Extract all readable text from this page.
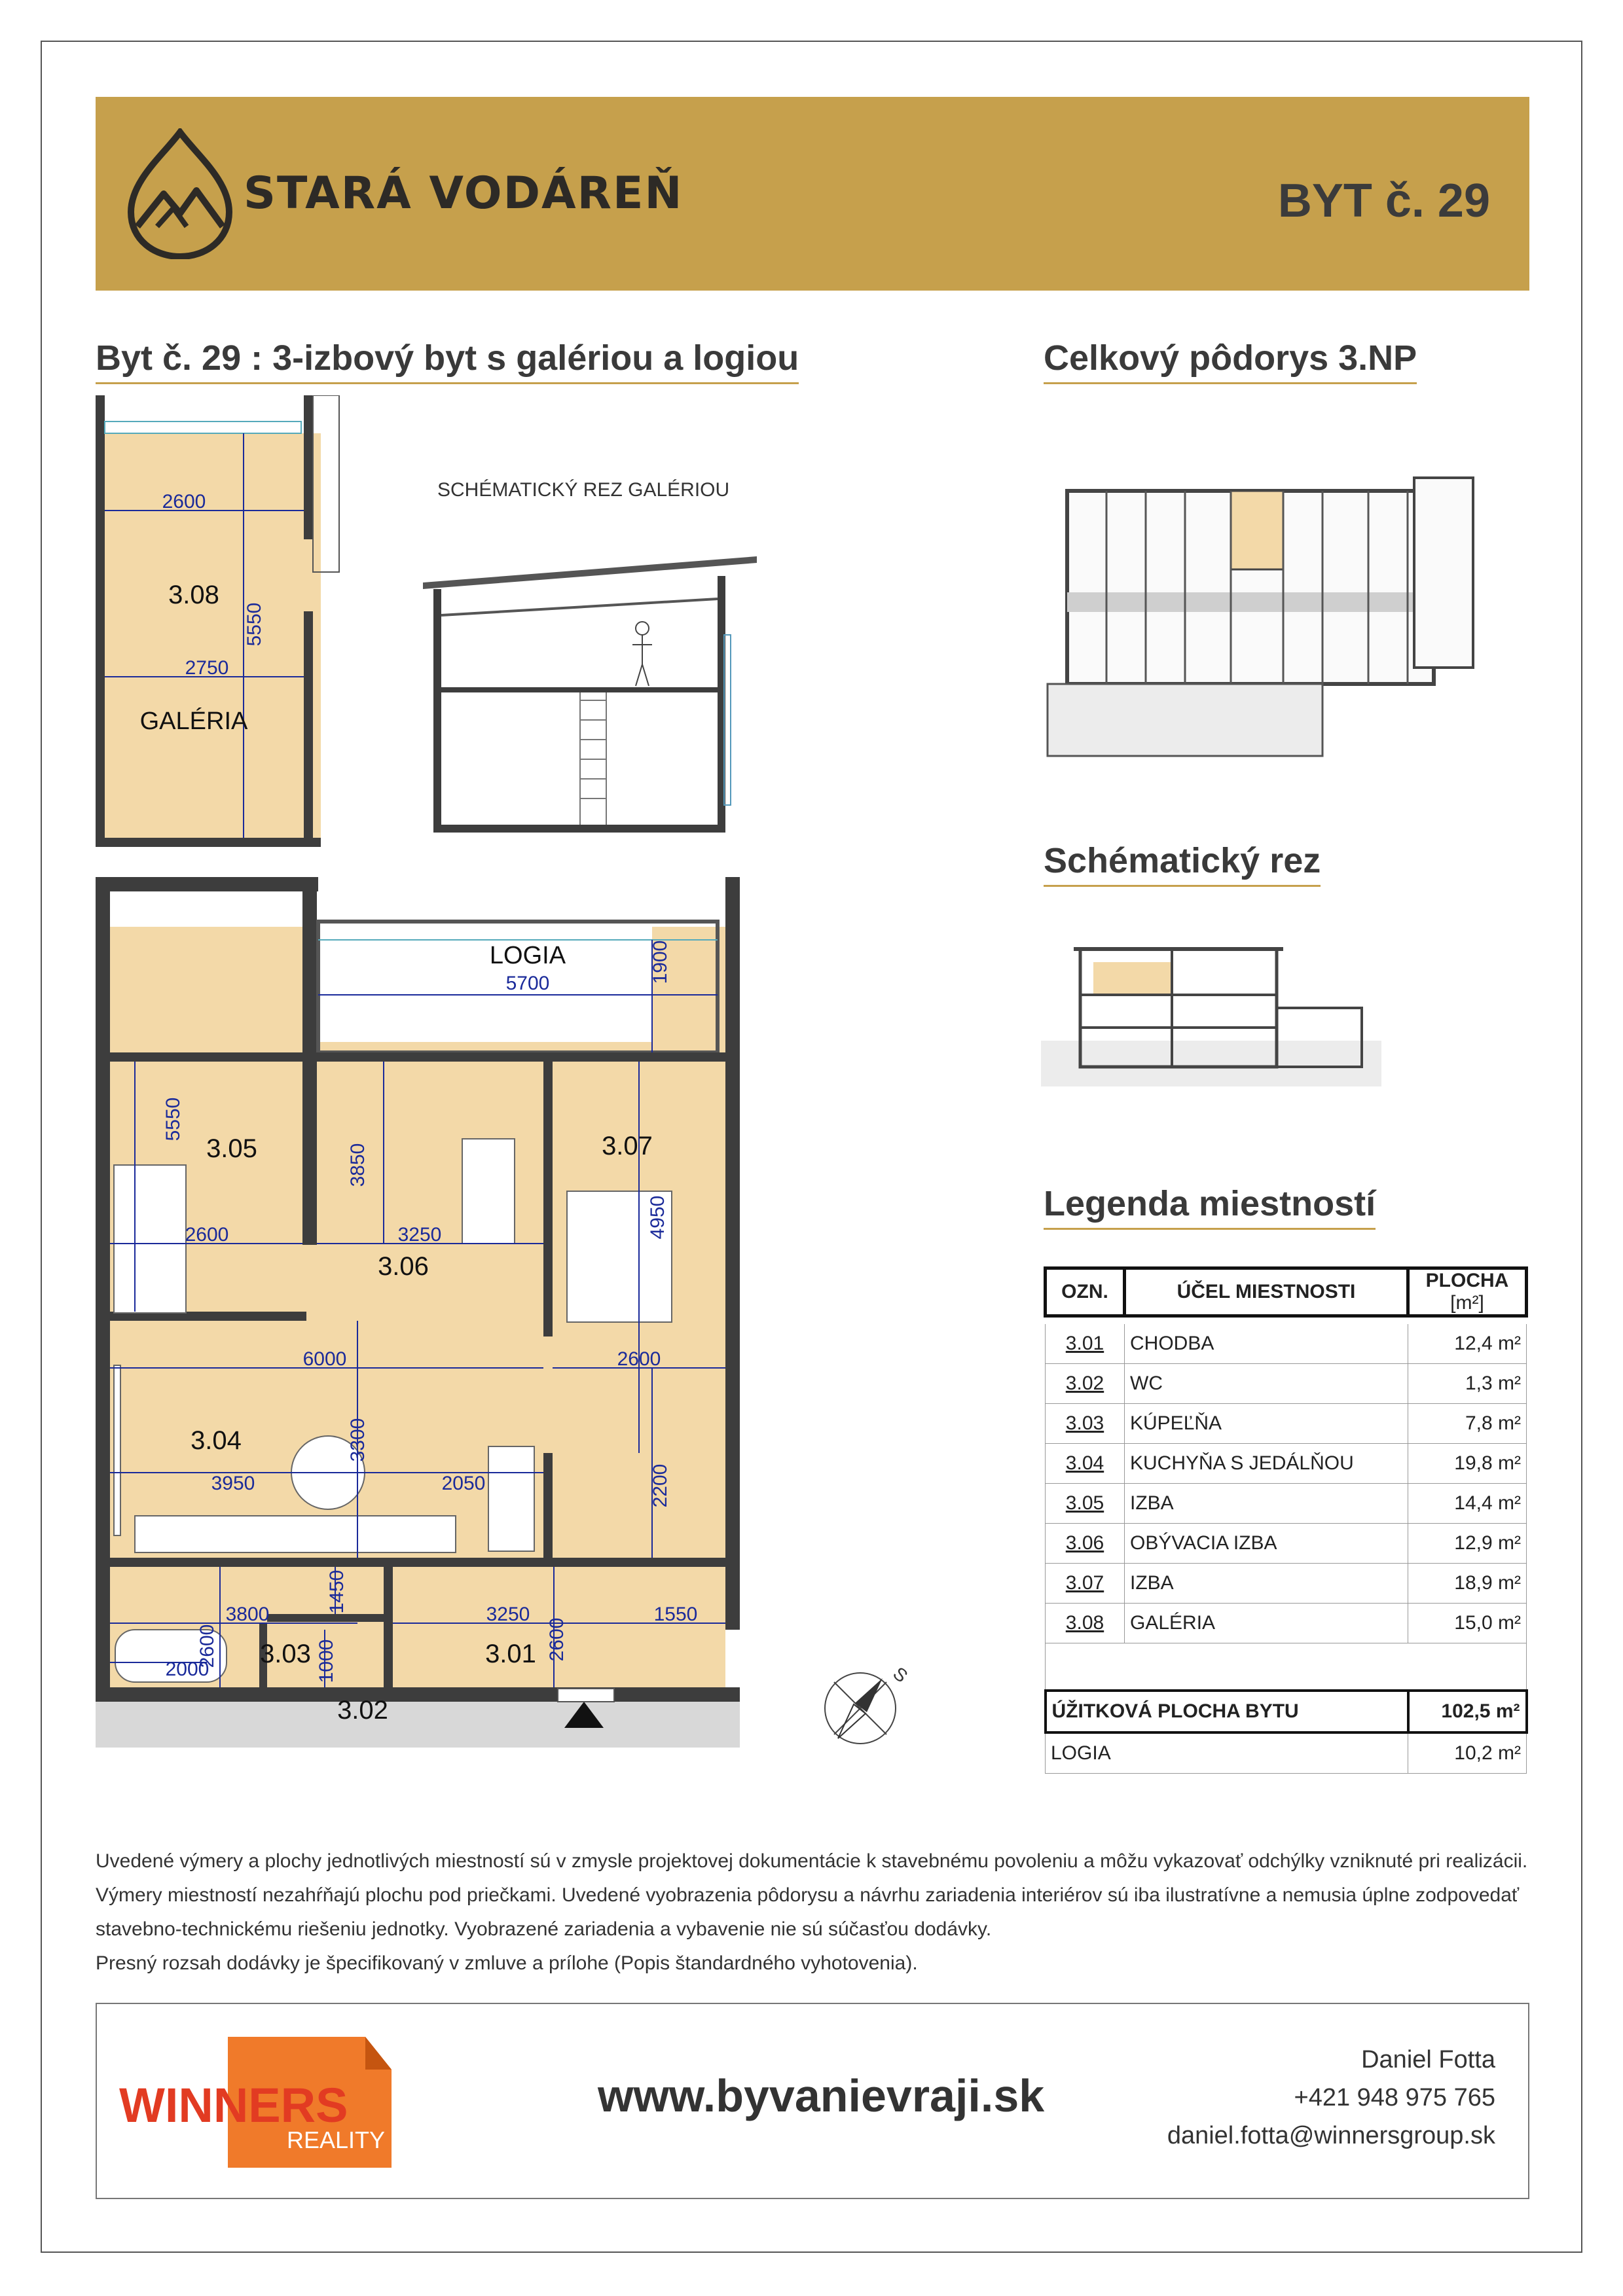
STARÁ VODÁREŇ	BYT č. 29
Byt č. 29 : 3-izbový byt s galériou a logiou	Celkový pôdorys 3.NP
Schématický rez
Legenda miestností
2600
5550
2750
3.08
GALÉRIA
SCHÉMATICKÝ REZ GALÉRIOU
LOGIA	1900
5700
3.05
3.06
3.07
3.04
3.03	3.01
3.02
5550
2600
3850
3250	4950
6000	2600
3300
3950	2050	2200
3800
1450
3250	1550
2000
2600	2600
1000	S
OZN.	ÚČEL MIESTNOSTI	PLOCHA
[m²]

3.01	CHODBA	12,4 m²
3.02	WC	1,3 m²
3.03	KÚPEĽŇA	7,8 m²
3.04	KUCHYŇA S JEDÁLŇOU	19,8 m²
3.05	IZBA	14,4 m²
3.06	OBÝVACIA IZBA	12,9 m²
3.07	IZBA	18,9 m²
3.08	GALÉRIA	15,0 m²

ÚŽITKOVÁ PLOCHA BYTU		102,5 m²
LOGIA		10,2 m²
Uvedené výmery a plochy jednotlivých miestností sú v zmysle projektovej dokumentácie k stavebnému povoleniu a môžu vykazovať odchýlky vzniknuté pri realizácii.
Výmery miestností nezahŕňajú plochu pod priečkami. Uvedené vyobrazenia pôdorysu a návrhu zariadenia interiérov sú iba ilustratívne a nemusia úplne zodpovedať
stavebno-technickému riešeniu jednotky. Vyobrazené zariadenia a vybavenie nie sú súčasťou dodávky.
Presný rozsah dodávky je špecifikovaný v zmluve a prílohe (Popis štandardného vyhotovenia).
WINNERS
REALITY
www.byvanievraji.sk
Daniel Fotta
+421 948 975 765
daniel.fotta@winnersgroup.sk
